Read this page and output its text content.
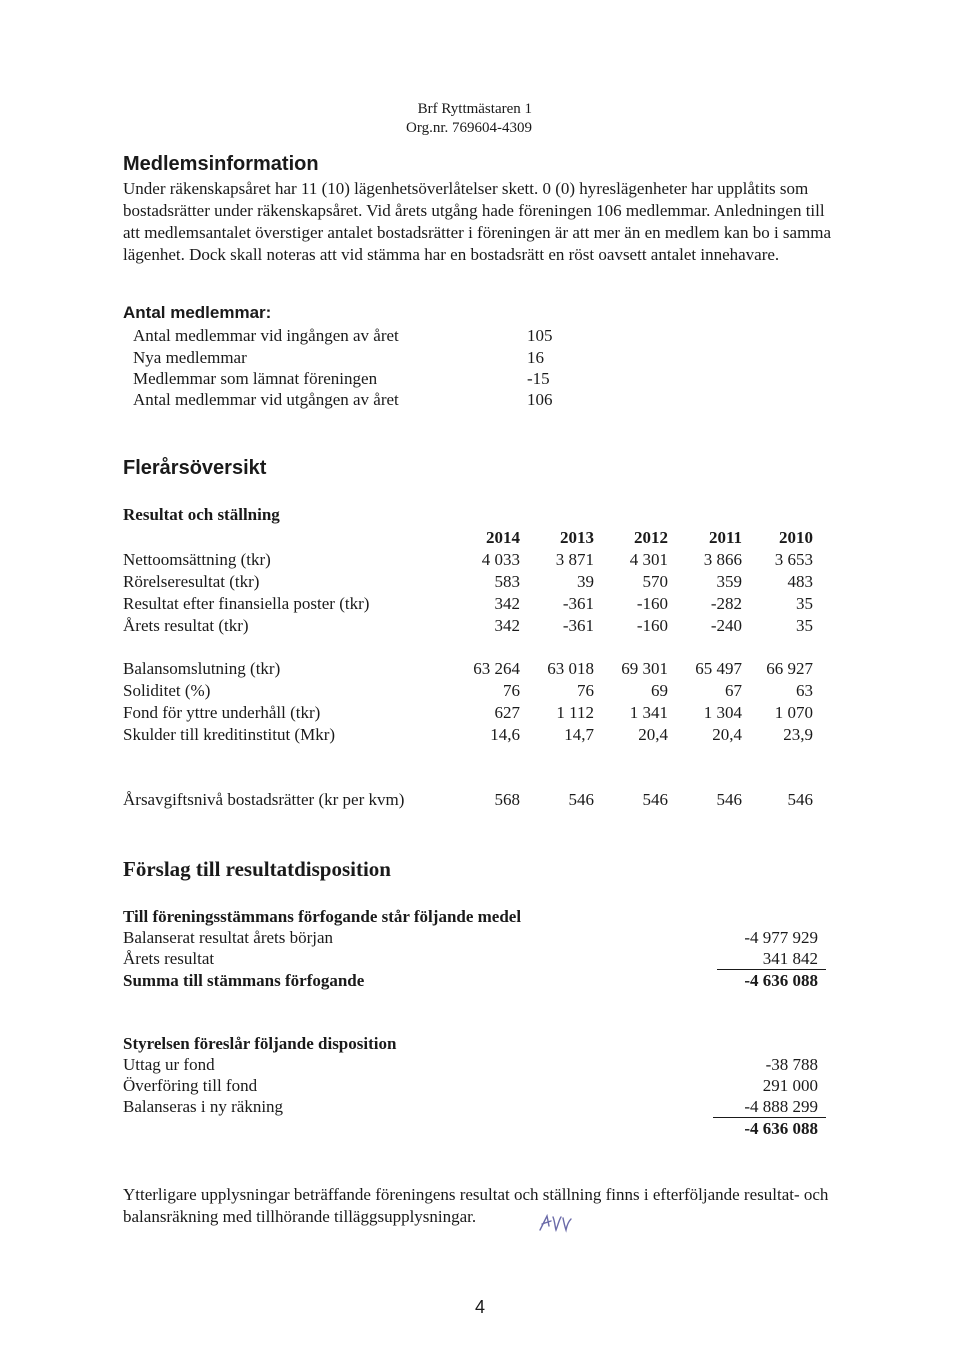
Brf Ryttmästaren 1
Org.nr. 769604-4309
Medlemsinformation
Under räkenskapsåret har 11 (10) lägenhetsöverlåtelser skett. 0 (0) hyreslägenheter har upplåtits som bostadsrätter under räkenskapsåret. Vid årets utgång hade föreningen 106 medlemmar. Anledningen till att medlemsantalet överstiger antalet bostadsrätter i föreningen är att mer än en medlem kan bo i samma lägenhet. Dock skall noteras att vid stämma har en bostadsrätt en röst oavsett antalet innehavare.
Antal medlemmar:
Antal medlemmar vid ingången av året	105
Nya medlemmar	16
Medlemmar som lämnat föreningen	-15
Antal medlemmar vid utgången av året	106
Flerårsöversikt
Resultat och ställning
2014	2013	2012	2011	2010
Nettoomsättning (tkr)	4 033	3 871	4 301	3 866	3 653
Rörelseresultat (tkr)	583	39	570	359	483
Resultat efter finansiella poster (tkr)	342	-361	-160	-282	35
Årets resultat (tkr)	342	-361	-160	-240	35
Balansomslutning (tkr)	63 264	63 018	69 301	65 497	66 927
Soliditet (%)	76	76	69	67	63
Fond för yttre underhåll (tkr)	627	1 112	1 341	1 304	1 070
Skulder till kreditinstitut (Mkr)	14,6	14,7	20,4	20,4	23,9
Årsavgiftsnivå bostadsrätter (kr per kvm)	568	546	546	546	546
Förslag till resultatdisposition
Till föreningsstämmans förfogande står följande medel
Balanserat resultat årets början	-4 977 929
Årets resultat	341 842
Summa till stämmans förfogande	-4 636 088
Styrelsen föreslår följande disposition
Uttag ur fond	-38 788
Överföring till fond	291 000
Balanseras i ny räkning	-4 888 299
-4 636 088
Ytterligare upplysningar beträffande föreningens resultat och ställning finns i efterföljande resultat- och balansräkning med tillhörande tilläggsupplysningar.
4
